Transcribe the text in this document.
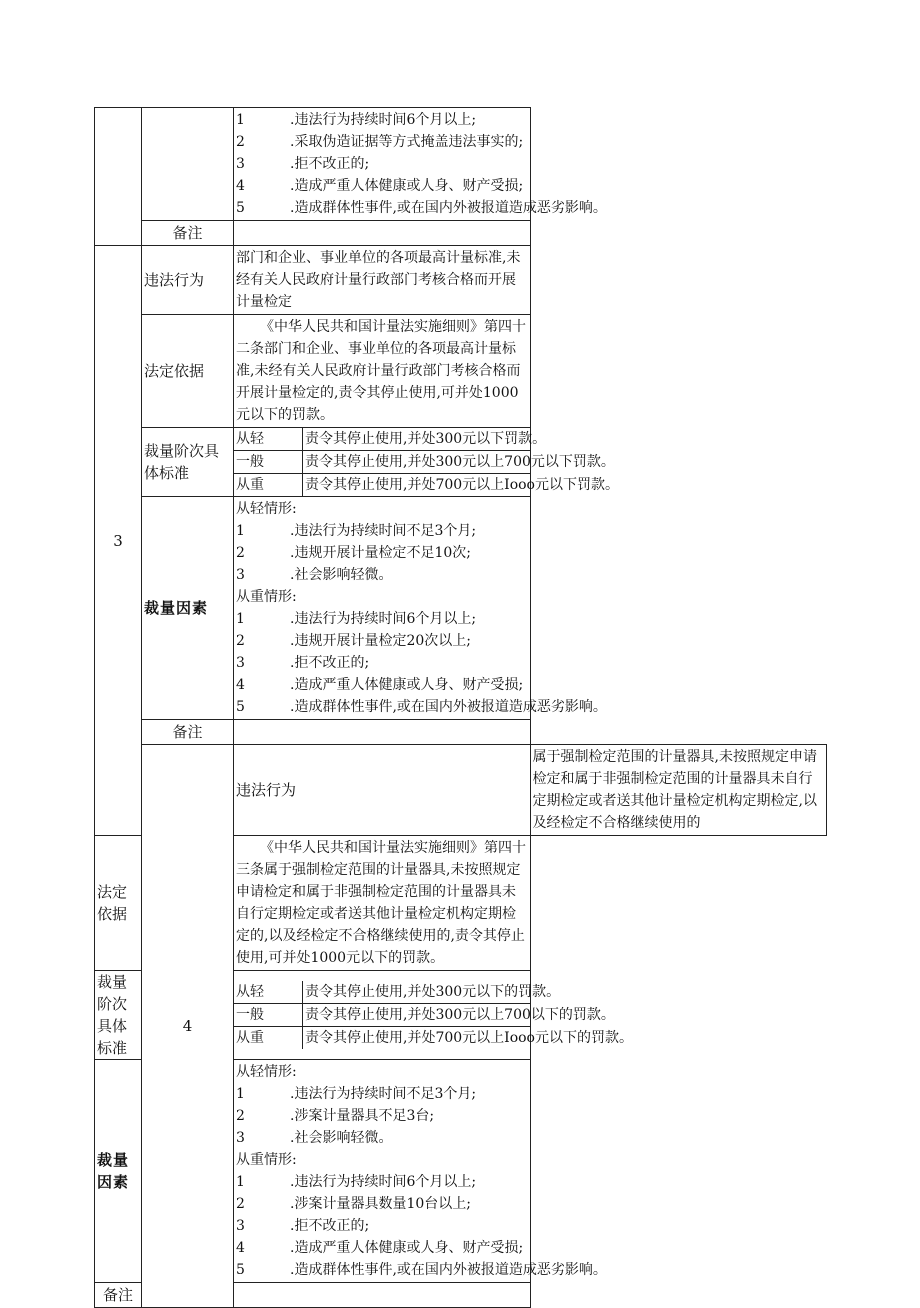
1	.违法行为持续时间6个月以上;
2	.采取伪造证据等方式掩盖违法事实的;
3	.拒不改正的;
4	.造成严重人体健康或人身、财产受损;
5	.造成群体性事件,或在国内外被报道造成恶劣影响。

备注	
3	违法行为	部门和企业、事业单位的各项最高计量标准,未经有关人民政府计量行政部门考核合格而开展计量检定
法定依据	
《中华人民共和国计量法实施细则》第四十二条部门和企业、事业单位的各项最高计量标准,未经有关人民政府计量行政部门考核合格而开展计量检定的,责令其停止使用,可并处1000元以下的罚款。

裁量阶次具体标准	
从轻	责令其停止使用,并处300元以下罚款。
一般	责令其停止使用,并处300元以上700元以下罚款。
从重	责令其停止使用,并处700元以上Iooo元以下罚款。

裁量因素	
从轻情形:
1	.违法行为持续时间不足3个月;
2	.违规开展计量检定不足10次;
3	.社会影响轻微。
从重情形:
1	.违法行为持续时间6个月以上;
2	.违规开展计量检定20次以上;
3	.拒不改正的;
4	.造成严重人体健康或人身、财产受损;
5	.造成群体性事件,或在国内外被报道造成恶劣影响。

备注	
4	违法行为	属于强制检定范围的计量器具,未按照规定申请检定和属于非强制检定范围的计量器具未自行定期检定或者送其他计量检定机构定期检定,以及经检定不合格继续使用的
法定依据	
《中华人民共和国计量法实施细则》第四十三条属于强制检定范围的计量器具,未按照规定申请检定和属于非强制检定范围的计量器具未自行定期检定或者送其他计量检定机构定期检定的,以及经检定不合格继续使用的,责令其停止使用,可并处1000元以下的罚款。

裁量阶次具体标准	
从轻	责令其停止使用,并处300元以下的罚款。
一般	责令其停止使用,并处300元以上700以下的罚款。
从重	责令其停止使用,并处700元以上Iooo元以下的罚款。

裁量因素	
从轻情形:
1	.违法行为持续时间不足3个月;
2	.涉案计量器具不足3台;
3	.社会影响轻微。
从重情形:
1	.违法行为持续时间6个月以上;
2	.涉案计量器具数量10台以上;
3	.拒不改正的;
4	.造成严重人体健康或人身、财产受损;
5	.造成群体性事件,或在国内外被报道造成恶劣影响。

备注	
